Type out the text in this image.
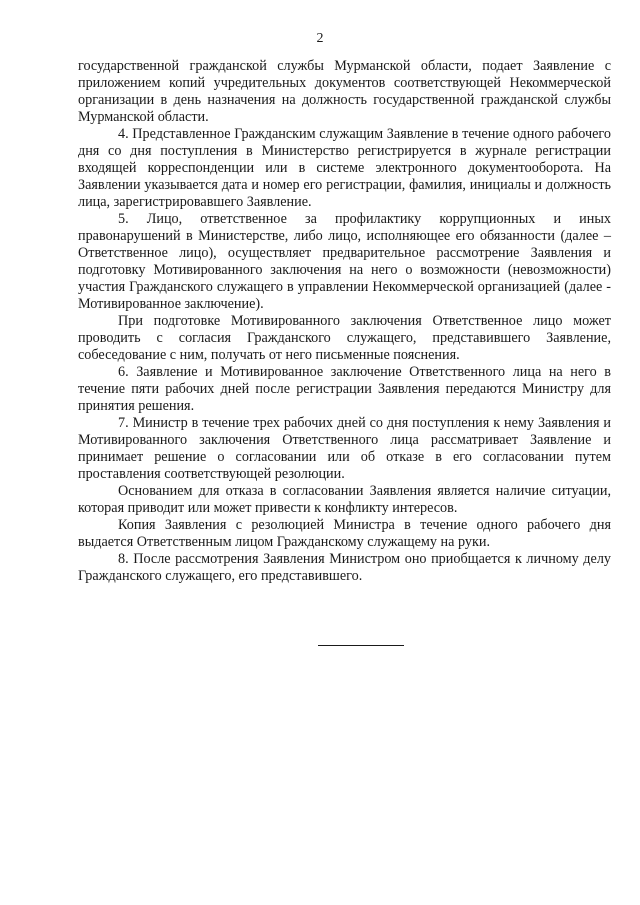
2

государственной гражданской службы Мурманской области, подает Заявление с приложением копий учредительных документов соответствующей Некоммерческой организации в день назначения на должность государственной гражданской службы Мурманской области.

4. Представленное Гражданским служащим Заявление в течение одного рабочего дня со дня поступления в Министерство регистрируется в журнале регистрации входящей корреспонденции или в системе электронного документооборота. На Заявлении указывается дата и номер его регистрации, фамилия, инициалы и должность лица, зарегистрировавшего Заявление.

5. Лицо, ответственное за профилактику коррупционных и иных правонарушений в Министерстве, либо лицо, исполняющее его обязанности (далее – Ответственное лицо), осуществляет предварительное рассмотрение Заявления и подготовку Мотивированного заключения на него о возможности (невозможности) участия Гражданского служащего в управлении Некоммерческой организацией (далее - Мотивированное заключение).

При подготовке Мотивированного заключения Ответственное лицо может проводить с согласия Гражданского служащего, представившего Заявление, собеседование с ним, получать от него письменные пояснения.

6. Заявление и Мотивированное заключение Ответственного лица на него в течение пяти рабочих дней после регистрации Заявления передаются Министру для принятия решения.

7. Министр в течение трех рабочих дней со дня поступления к нему Заявления и Мотивированного заключения Ответственного лица рассматривает Заявление и принимает решение о согласовании или об отказе в его согласовании путем проставления соответствующей резолюции.

Основанием для отказа в согласовании Заявления является наличие ситуации, которая приводит или может привести к конфликту интересов.

Копия Заявления с резолюцией Министра в течение одного рабочего дня выдается Ответственным лицом Гражданскому служащему на руки.

8. После рассмотрения Заявления Министром оно приобщается к личному делу Гражданского служащего, его представившего.
